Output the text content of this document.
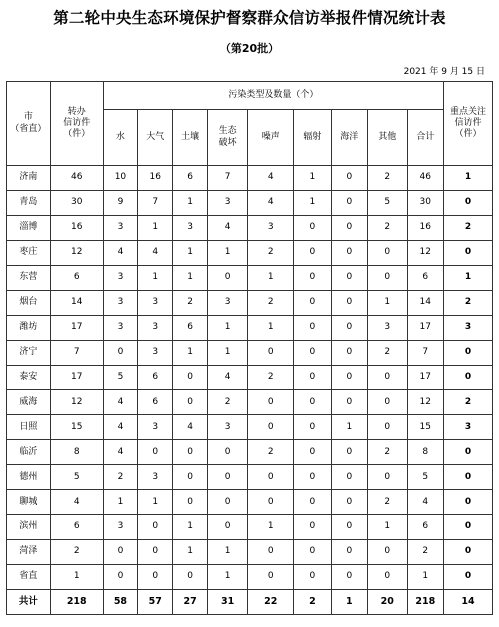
第二轮中央生态环境保护督察群众信访举报件情况统计表
（第20批）
2021 年 9 月 15 日
市
（省直）	转办
信访件
（件）	污染类型及数量（个）									重点关注
信访件
（件）

		水	大气	土壤	生态
破坏	噪声	辐射	海洋	其他	合计	
济南	46	10	16	6	7	4	1	0	2	46	1
青岛	30	9	7	1	3	4	1	0	5	30	0
淄博	16	3	1	3	4	3	0	0	2	16	2
枣庄	12	4	4	1	1	2	0	0	0	12	0
东营	6	3	1	1	0	1	0	0	0	6	1
烟台	14	3	3	2	3	2	0	0	1	14	2
潍坊	17	3	3	6	1	1	0	0	3	17	3
济宁	7	0	3	1	1	0	0	0	2	7	0
泰安	17	5	6	0	4	2	0	0	0	17	0
威海	12	4	6	0	2	0	0	0	0	12	2
日照	15	4	3	4	3	0	0	1	0	15	3
临沂	8	4	0	0	0	2	0	0	2	8	0
德州	5	2	3	0	0	0	0	0	0	5	0
聊城	4	1	1	0	0	0	0	0	2	4	0
滨州	6	3	0	1	0	1	0	0	1	6	0
菏泽	2	0	0	1	1	0	0	0	0	2	0
省直	1	0	0	0	1	0	0	0	0	1	0
共计	218	58	57	27	31	22	2	1	20	218	14
